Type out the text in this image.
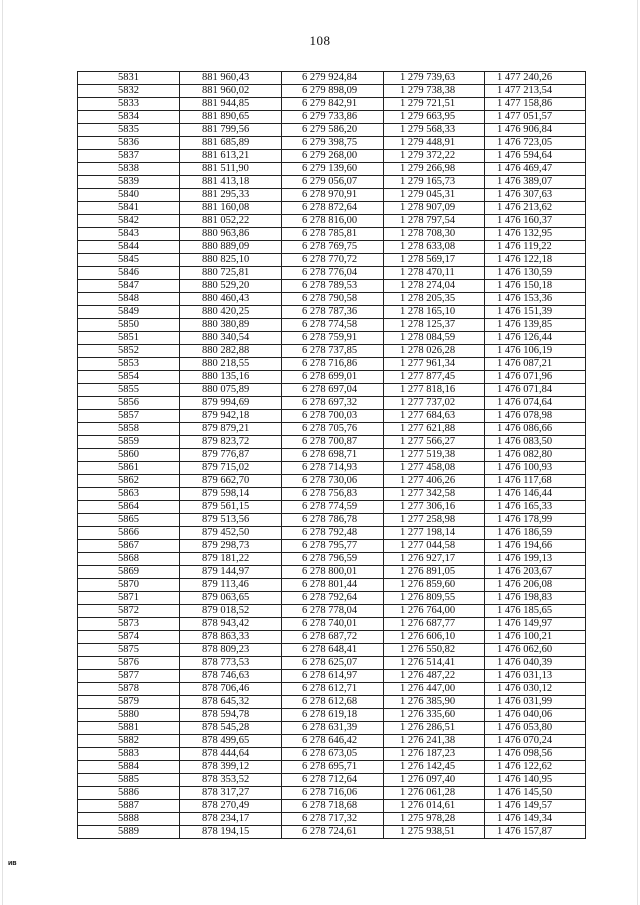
108
5831	881 960,43	6 279 924,84	1 279 739,63	1 477 240,26
5832	881 960,02	6 279 898,09	1 279 738,38	1 477 213,54
5833	881 944,85	6 279 842,91	1 279 721,51	1 477 158,86
5834	881 890,65	6 279 733,86	1 279 663,95	1 477 051,57
5835	881 799,56	6 279 586,20	1 279 568,33	1 476 906,84
5836	881 685,89	6 279 398,75	1 279 448,91	1 476 723,05
5837	881 613,21	6 279 268,00	1 279 372,22	1 476 594,64
5838	881 511,90	6 279 139,60	1 279 266,98	1 476 469,47
5839	881 413,18	6 279 056,07	1 279 165,73	1 476 389,07
5840	881 295,33	6 278 970,91	1 279 045,31	1 476 307,63
5841	881 160,08	6 278 872,64	1 278 907,09	1 476 213,62
5842	881 052,22	6 278 816,00	1 278 797,54	1 476 160,37
5843	880 963,86	6 278 785,81	1 278 708,30	1 476 132,95
5844	880 889,09	6 278 769,75	1 278 633,08	1 476 119,22
5845	880 825,10	6 278 770,72	1 278 569,17	1 476 122,18
5846	880 725,81	6 278 776,04	1 278 470,11	1 476 130,59
5847	880 529,20	6 278 789,53	1 278 274,04	1 476 150,18
5848	880 460,43	6 278 790,58	1 278 205,35	1 476 153,36
5849	880 420,25	6 278 787,36	1 278 165,10	1 476 151,39
5850	880 380,89	6 278 774,58	1 278 125,37	1 476 139,85
5851	880 340,54	6 278 759,91	1 278 084,59	1 476 126,44
5852	880 282,88	6 278 737,85	1 278 026,28	1 476 106,19
5853	880 218,55	6 278 716,86	1 277 961,34	1 476 087,21
5854	880 135,16	6 278 699,01	1 277 877,45	1 476 071,96
5855	880 075,89	6 278 697,04	1 277 818,16	1 476 071,84
5856	879 994,69	6 278 697,32	1 277 737,02	1 476 074,64
5857	879 942,18	6 278 700,03	1 277 684,63	1 476 078,98
5858	879 879,21	6 278 705,76	1 277 621,88	1 476 086,66
5859	879 823,72	6 278 700,87	1 277 566,27	1 476 083,50
5860	879 776,87	6 278 698,71	1 277 519,38	1 476 082,80
5861	879 715,02	6 278 714,93	1 277 458,08	1 476 100,93
5862	879 662,70	6 278 730,06	1 277 406,26	1 476 117,68
5863	879 598,14	6 278 756,83	1 277 342,58	1 476 146,44
5864	879 561,15	6 278 774,59	1 277 306,16	1 476 165,33
5865	879 513,56	6 278 786,78	1 277 258,98	1 476 178,99
5866	879 452,50	6 278 792,48	1 277 198,14	1 476 186,59
5867	879 298,73	6 278 795,77	1 277 044,58	1 476 194,66
5868	879 181,22	6 278 796,59	1 276 927,17	1 476 199,13
5869	879 144,97	6 278 800,01	1 276 891,05	1 476 203,67
5870	879 113,46	6 278 801,44	1 276 859,60	1 476 206,08
5871	879 063,65	6 278 792,64	1 276 809,55	1 476 198,83
5872	879 018,52	6 278 778,04	1 276 764,00	1 476 185,65
5873	878 943,42	6 278 740,01	1 276 687,77	1 476 149,97
5874	878 863,33	6 278 687,72	1 276 606,10	1 476 100,21
5875	878 809,23	6 278 648,41	1 276 550,82	1 476 062,60
5876	878 773,53	6 278 625,07	1 276 514,41	1 476 040,39
5877	878 746,63	6 278 614,97	1 276 487,22	1 476 031,13
5878	878 706,46	6 278 612,71	1 276 447,00	1 476 030,12
5879	878 645,32	6 278 612,68	1 276 385,90	1 476 031,99
5880	878 594,78	6 278 619,18	1 276 335,60	1 476 040,06
5881	878 545,28	6 278 631,39	1 276 286,51	1 476 053,80
5882	878 499,65	6 278 646,42	1 276 241,38	1 476 070,24
5883	878 444,64	6 278 673,05	1 276 187,23	1 476 098,56
5884	878 399,12	6 278 695,71	1 276 142,45	1 476 122,62
5885	878 353,52	6 278 712,64	1 276 097,40	1 476 140,95
5886	878 317,27	6 278 716,06	1 276 061,28	1 476 145,50
5887	878 270,49	6 278 718,68	1 276 014,61	1 476 149,57
5888	878 234,17	6 278 717,32	1 275 978,28	1 476 149,34
5889	878 194,15	6 278 724,61	1 275 938,51	1 476 157,87
ив
